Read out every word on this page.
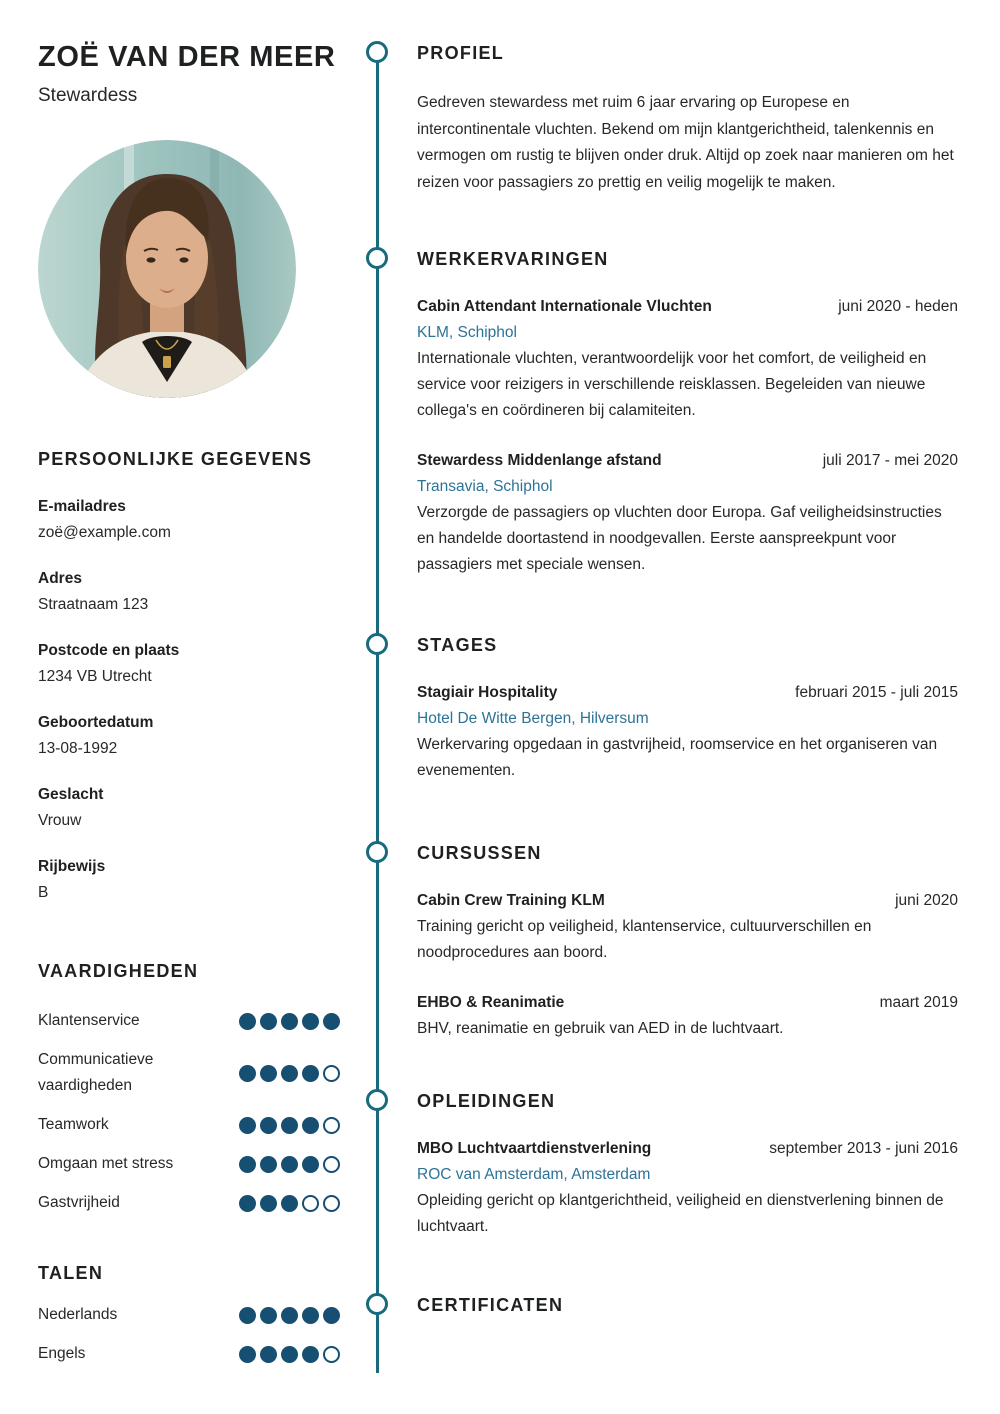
ZOË VAN DER MEER
Stewardess
PERSOONLIJKE GEGEVENS
E-mailadres
zoë@example.com
Adres
Straatnaam 123
Postcode en plaats
1234 VB Utrecht
Geboortedatum
13-08-1992
Geslacht
Vrouw
Rijbewijs
B
VAARDIGHEDEN
Klantenservice
Communicatieve vaardigheden
Teamwork
Omgaan met stress
Gastvrijheid
TALEN
Nederlands
Engels
PROFIEL

Gedreven stewardess met ruim 6 jaar ervaring op Europese en intercontinentale vluchten. Bekend om mijn klantgerichtheid, talenkennis en vermogen om rustig te blijven onder druk. Altijd op zoek naar manieren om het reizen voor passagiers zo prettig en veilig mogelijk te maken.

WERKERVARINGEN
Cabin Attendant Internationale Vluchten	juni 2020 - heden
KLM, Schiphol

Internationale vluchten, verantwoordelijk voor het comfort, de veiligheid en service voor reizigers in verschillende reisklassen. Begeleiden van nieuwe collega's en coördineren bij calamiteiten.

Stewardess Middenlange afstand	juli 2017 - mei 2020
Transavia, Schiphol

Verzorgde de passagiers op vluchten door Europa. Gaf veiligheidsinstructies en handelde doortastend in noodgevallen. Eerste aanspreekpunt voor passagiers met speciale wensen.

STAGES
Stagiair Hospitality	februari 2015 - juli 2015
Hotel De Witte Bergen, Hilversum

Werkervaring opgedaan in gastvrijheid, roomservice en het organiseren van evenementen.

CURSUSSEN
Cabin Crew Training KLM	juni 2020

Training gericht op veiligheid, klantenservice, cultuurverschillen en noodprocedures aan boord.

EHBO & Reanimatie	maart 2019

BHV, reanimatie en gebruik van AED in de luchtvaart.

OPLEIDINGEN
MBO Luchtvaartdienstverlening	september 2013 - juni 2016
ROC van Amsterdam, Amsterdam

Opleiding gericht op klantgerichtheid, veiligheid en dienstverlening binnen de luchtvaart.

CERTIFICATEN
